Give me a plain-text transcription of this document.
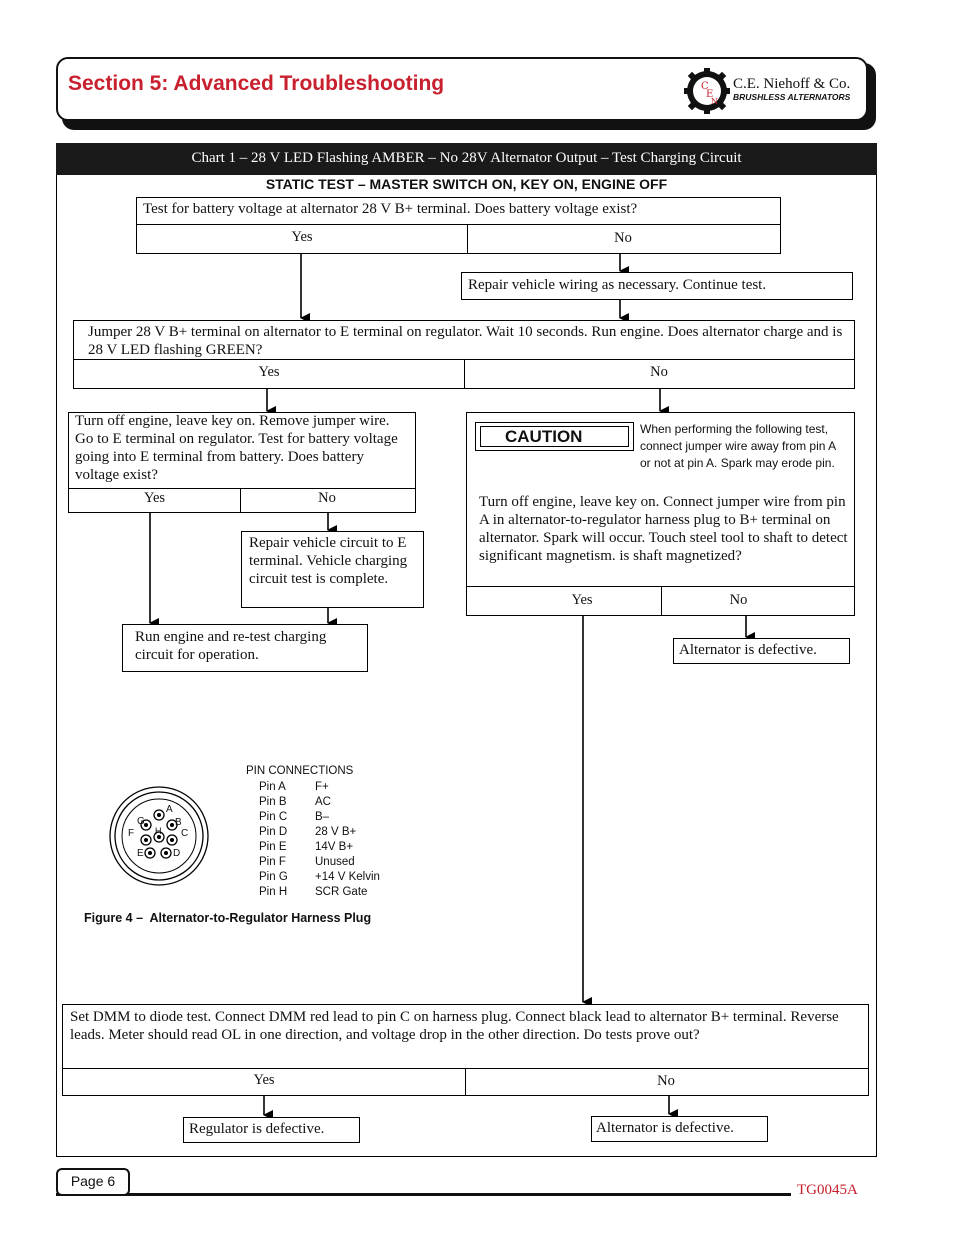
Section 5: Advanced Troubleshooting	C
E
N
C.E. Niehoff & Co.
BRUSHLESS ALTERNATORS
Chart 1 – 28 V LED Flashing AMBER – No 28V Alternator Output – Test Charging Circuit
STATIC TEST – MASTER SWITCH ON, KEY ON, ENGINE OFF
Test for battery voltage at alternator 28 V B+ terminal. Does battery voltage exist?
Yes	No
Repair vehicle wiring as necessary. Continue test.
Jumper 28 V B+ terminal on alternator to E terminal on regulator. Wait 10 seconds. Run engine. Does alternator charge and is 28 V LED flashing GREEN?
Yes	No
Turn off engine, leave key on. Remove jumper wire. Go to E terminal on regulator. Test for battery voltage going into E terminal from battery. Does battery voltage exist?
Yes	No
Repair vehicle circuit to E terminal. Vehicle charging circuit test is complete.
Run engine and re-test charging circuit for operation.
CAUTION	When performing the following test, connect jumper wire away from pin A or not at pin A. Spark may erode pin.
Turn off engine, leave key on. Connect jumper wire from pin A in alternator-to-regulator harness plug to B+ terminal on alternator. Spark will occur. Touch steel tool to shaft to detect significant magnetism. is shaft magnetized?
Yes	No
Alternator is defective.
A
B
C
D
E
F
G
H
PIN CONNECTIONS
Pin A	F+
Pin B AC
Pin C B–
Pin D 28 V B+
Pin E 14V B+
Pin F	Unused
Pin G +14 V Kelvin
Pin H SCR Gate
Figure 4 –  Alternator-to-Regulator Harness Plug
Set DMM to diode test. Connect DMM red lead to pin C on harness plug. Connect black lead to alternator B+ terminal. Reverse leads. Meter should read OL in one direction, and voltage drop in the other direction. Do tests prove out?
Yes	No
Regulator is defective.	Alternator is defective.
Page 6
TG0045A
